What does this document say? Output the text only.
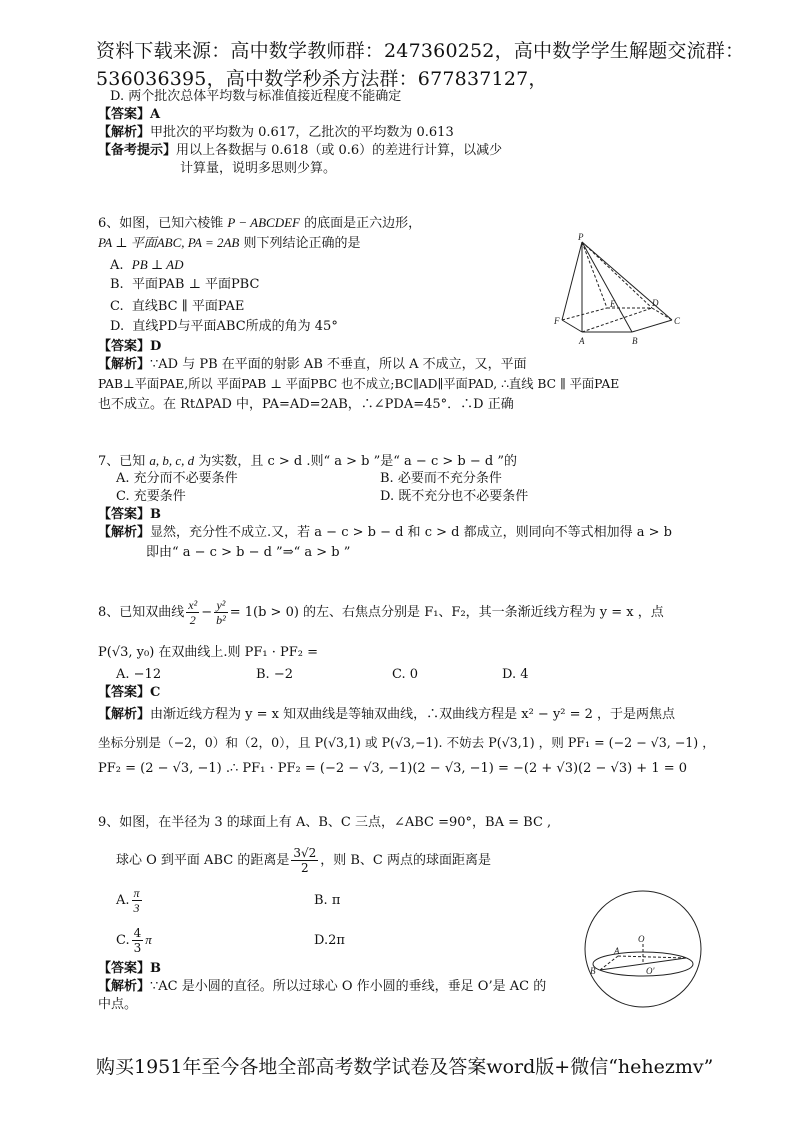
资料下载来源：高中数学教师群：247360252，高中数学学生解题交流群：
536036395，高中数学秒杀方法群：677837127，
D. 两个批次总体平均数与标准值接近程度不能确定
【答案】A
【解析】甲批次的平均数为 0.617，乙批次的平均数为 0.613
【备考提示】用以上各数据与 0.618（或 0.6）的差进行计算，以减少
计算量，说明多思则少算。
6、如图，已知六棱锥 P − ABCDEF 的底面是正六边形，
PA ⊥ 平面ABC, PA = 2AB 则下列结论正确的是
A. PB ⊥ AD
B. 平面PAB ⊥ 平面PBC
C. 直线BC ∥ 平面PAE
D. 直线PD与平面ABC所成的角为 45°
【答案】D
【解析】∵AD 与 PB 在平面的射影 AB 不垂直，所以 A 不成立，又，平面
PAB⊥平面PAE,所以 平面PAB ⊥ 平面PBC 也不成立;BC∥AD∥平面PAD, ∴直线 BC ∥ 平面PAE
也不成立。在 RtΔPAD 中，PA=AD=2AB，∴∠PDA=45°．∴D 正确
P
F
E	D
C
A	B
7、已知 a, b, c, d 为实数，且 c > d .则“ a > b ”是“ a − c > b − d ”的
A. 充分而不必要条件	B. 必要而不充分条件
C. 充要条件	D. 既不充分也不必要条件
【答案】B
【解析】显然，充分性不成立.又，若 a − c > b − d 和 c > d 都成立，则同向不等式相加得 a > b
即由“ a − c > b − d ”⇒“ a > b ”
8、已知双曲线 $\frac{\text{x²}}{2} - \frac{\text{y²}}{\text{b²}} = 1(b > 0)$ 的左、右焦点分别是 F₁、F₂，其一条渐近线方程为 y = x ，点
P(√3, y₀) 在双曲线上.则 PF₁ · PF₂ =
A. −12	B. −2	C. 0	D. 4
【答案】C
【解析】由渐近线方程为 y = x 知双曲线是等轴双曲线，∴双曲线方程是 x² − y² = 2 ，于是两焦点
坐标分别是（−2，0）和（2，0），且 P(√3,1) 或 P(√3,−1). 不妨去 P(√3,1) ，则 PF₁ = (−2 − √3, −1) ，
PF₂ = (2 − √3, −1) .∴ PF₁ · PF₂ = (−2 − √3, −1)(2 − √3, −1) = −(2 + √3)(2 − √3) + 1 = 0
9、如图，在半径为 3 的球面上有 A、B、C 三点，∠ABC =90°，BA = BC ,
球心 O 到平面 ABC 的距离是 $\frac{3√2}{2}$ ，则 B、C 两点的球面距离是
A. $\frac{\pi}{3}$	B. π
C. $\frac{4}{3}$ π	D.2π
【答案】B
【解析】∵AC 是小圆的直径。所以过球心 O 作小圆的垂线，垂足 O’是 AC 的
中点。
A
O
B	O'
购买1951年至今各地全部高考数学试卷及答案word版+微信“hehezmv”
